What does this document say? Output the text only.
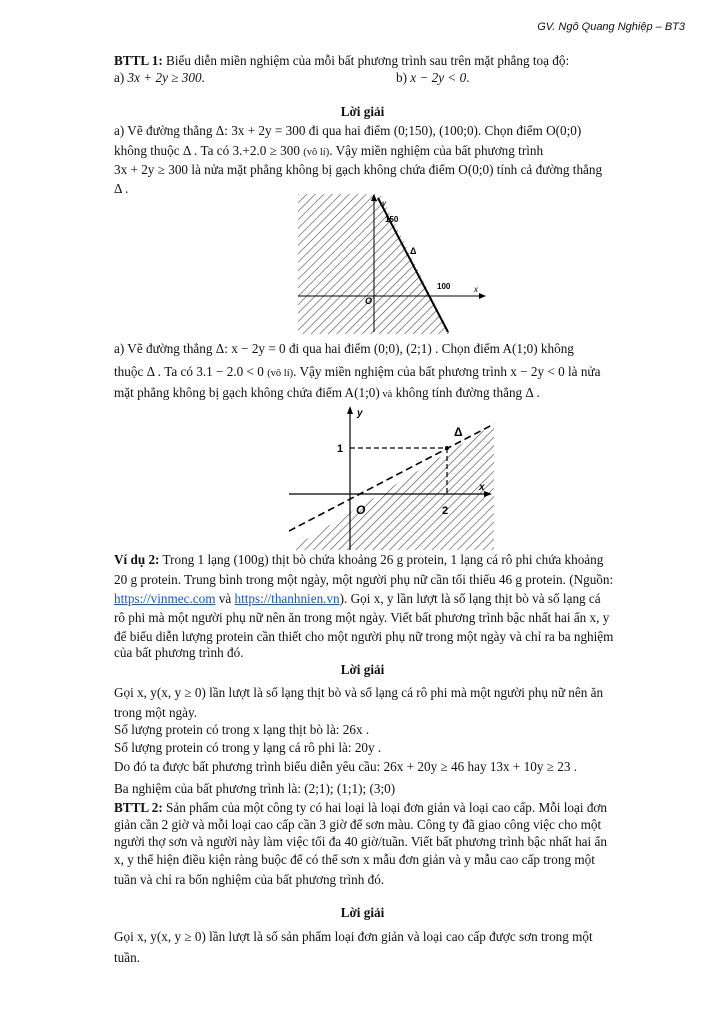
GV. Ngô Quang Nghiệp – BT3
BTTL 1: Biểu diễn miền nghiệm của mỗi bất phương trình sau trên mặt phẳng toạ độ:
a) 3x + 2y ≥ 300.	b) x − 2y < 0.
Lời giải
a) Vẽ đường thẳng Δ: 3x + 2y = 300 đi qua hai điểm (0;150), (100;0). Chọn điểm O(0;0)
không thuộc Δ . Ta có 3.+2.0 ≥ 300 (vô lí). Vậy miền nghiệm của bất phương trình
3x + 2y ≥ 300 là nửa mặt phẳng không bị gạch không chứa điểm O(0;0) tính cả đường thẳng
Δ .
y
x
O
150
100
Δ
a) Vẽ đường thẳng Δ: x − 2y = 0 đi qua hai điểm (0;0), (2;1) . Chọn điểm A(1;0) không
thuộc Δ . Ta có 3.1 − 2.0 < 0 (vô lí). Vậy miền nghiệm của bất phương trình x − 2y < 0 là nửa
mặt phẳng không bị gạch không chứa điểm A(1;0) và không tính đường thẳng Δ .
y
x
O
1
2
Δ
Ví dụ 2: Trong 1 lạng (100g) thịt bò chứa khoảng 26 g protein, 1 lạng cá rô phi chứa khoảng
20 g protein. Trung bình trong một ngày, một người phụ nữ cần tối thiểu 46 g protein. (Nguồn:
https://vinmec.com và https://thanhnien.vn). Gọi x, y lần lượt là số lạng thịt bò và số lạng cá
rô phi mà một người phụ nữ nên ăn trong một ngày. Viết bất phương trình bậc nhất hai ẩn x, y
để biểu diễn lượng protein cần thiết cho một người phụ nữ trong một ngày và chỉ ra ba nghiệm
của bất phương trình đó.
Lời giải
Gọi x, y(x, y ≥ 0) lần lượt là số lạng thịt bò và số lạng cá rô phi mà một người phụ nữ nên ăn
trong một ngày.
Số lượng protein có trong x lạng thịt bò là: 26x .
Số lượng protein có trong y lạng cá rô phi là: 20y .
Do đó ta được bất phương trình biểu diễn yêu cầu: 26x + 20y ≥ 46 hay 13x + 10y ≥ 23 .
Ba nghiệm của bất phương trình là: (2;1); (1;1); (3;0)
BTTL 2: Sản phẩm của một công ty có hai loại là loại đơn giản và loại cao cấp. Mỗi loại đơn
giản cần 2 giờ và mỗi loại cao cấp cần 3 giờ để sơn màu. Công ty đã giao công việc cho một
người thợ sơn và người này làm việc tối đa 40 giờ/tuần. Viết bất phương trình bậc nhất hai ẩn
x, y thể hiện điều kiện ràng buộc để có thể sơn x mẫu đơn giản và y mẫu cao cấp trong một
tuần và chỉ ra bốn nghiệm của bất phương trình đó.
Lời giải
Gọi x, y(x, y ≥ 0) lần lượt là số sản phẩm loại đơn giản và loại cao cấp được sơn trong một
tuần.
